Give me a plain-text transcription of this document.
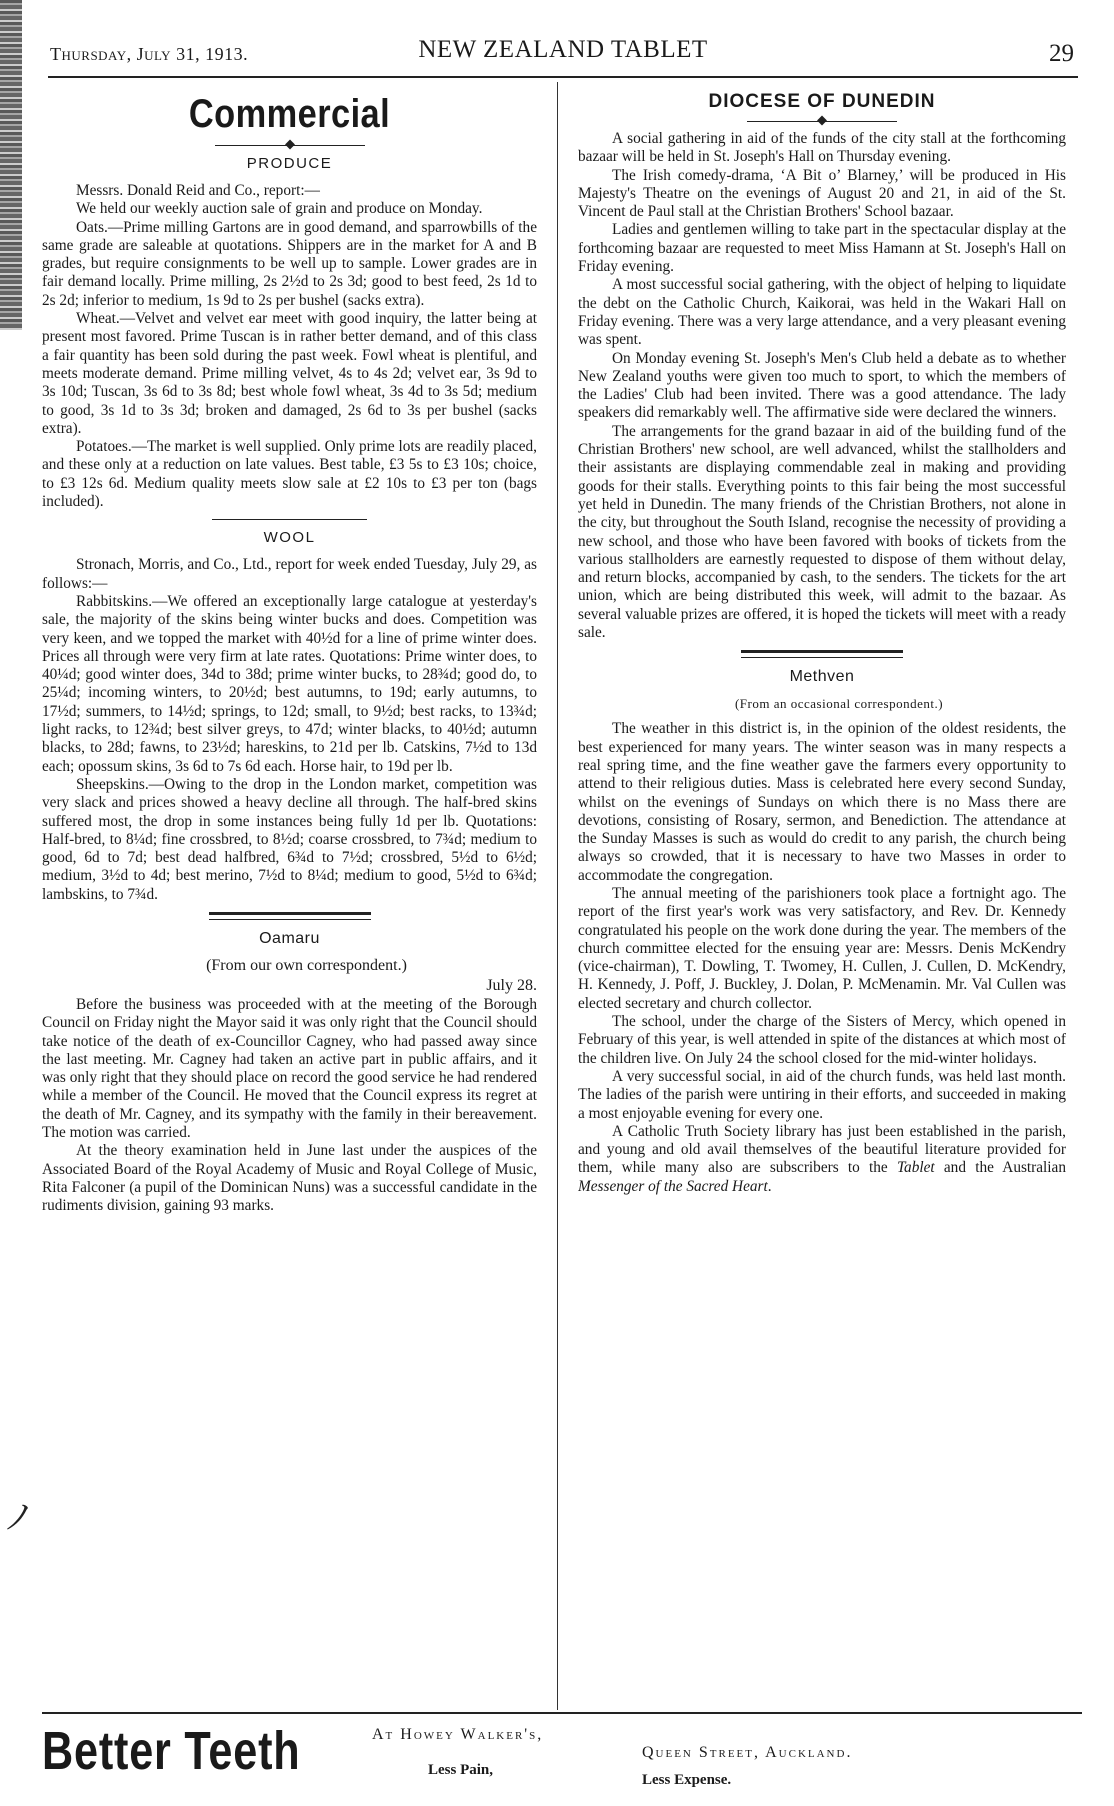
ノ
Thursday, July 31, 1913.	NEW ZEALAND TABLET	29
Commercial
PRODUCE

Messrs. Donald Reid and Co., report:—

We held our weekly auction sale of grain and produce on Monday.

Oats.—Prime milling Gartons are in good demand, and sparrowbills of the same grade are saleable at quotations. Shippers are in the market for A and B grades, but require consignments to be well up to sample. Lower grades are in fair demand locally. Prime milling, 2s 2½d to 2s 3d; good to best feed, 2s 1d to 2s 2d; inferior to medium, 1s 9d to 2s per bushel (sacks extra).

Wheat.—Velvet and velvet ear meet with good inquiry, the latter being at present most favored. Prime Tuscan is in rather better demand, and of this class a fair quantity has been sold during the past week. Fowl wheat is plentiful, and meets moderate demand. Prime milling velvet, 4s to 4s 2d; velvet ear, 3s 9d to 3s 10d; Tuscan, 3s 6d to 3s 8d; best whole fowl wheat, 3s 4d to 3s 5d; medium to good, 3s 1d to 3s 3d; broken and damaged, 2s 6d to 3s per bushel (sacks extra).

Potatoes.—The market is well supplied. Only prime lots are readily placed, and these only at a reduction on late values. Best table, £3 5s to £3 10s; choice, to £3 12s 6d. Medium quality meets slow sale at £2 10s to £3 per ton (bags included).

WOOL

Stronach, Morris, and Co., Ltd., report for week ended Tuesday, July 29, as follows:—

Rabbitskins.—We offered an exceptionally large catalogue at yesterday's sale, the majority of the skins being winter bucks and does. Competition was very keen, and we topped the market with 40½d for a line of prime winter does. Prices all through were very firm at late rates. Quotations: Prime winter does, to 40¼d; good winter does, 34d to 38d; prime winter bucks, to 28¾d; good do, to 25¼d; incoming winters, to 20½d; best autumns, to 19d; early autumns, to 17½d; summers, to 14½d; springs, to 12d; small, to 9½d; best racks, to 13¾d; light racks, to 12¾d; best silver greys, to 47d; winter blacks, to 40½d; autumn blacks, to 28d; fawns, to 23½d; hareskins, to 21d per lb. Catskins, 7½d to 13d each; opossum skins, 3s 6d to 7s 6d each. Horse hair, to 19d per lb.

Sheepskins.—Owing to the drop in the London market, competition was very slack and prices showed a heavy decline all through. The half-bred skins suffered most, the drop in some instances being fully 1d per lb. Quotations: Half-bred, to 8¼d; fine crossbred, to 8½d; coarse crossbred, to 7¾d; medium to good, 6d to 7d; best dead halfbred, 6¾d to 7½d; crossbred, 5½d to 6½d; medium, 3½d to 4d; best merino, 7½d to 8¼d; medium to good, 5½d to 6¾d; lambskins, to 7¾d.

Oamaru

(From our own correspondent.)

July 28.

Before the business was proceeded with at the meeting of the Borough Council on Friday night the Mayor said it was only right that the Council should take notice of the death of ex-Councillor Cagney, who had passed away since the last meeting. Mr. Cagney had taken an active part in public affairs, and it was only right that they should place on record the good service he had rendered while a member of the Council. He moved that the Council express its regret at the death of Mr. Cagney, and its sympathy with the family in their bereavement. The motion was carried.

At the theory examination held in June last under the auspices of the Associated Board of the Royal Academy of Music and Royal College of Music, Rita Falconer (a pupil of the Dominican Nuns) was a successful candidate in the rudiments division, gaining 93 marks.

DIOCESE OF DUNEDIN

A social gathering in aid of the funds of the city stall at the forthcoming bazaar will be held in St. Joseph's Hall on Thursday evening.

The Irish comedy-drama, ‘A Bit o’ Blarney,’ will be produced in His Majesty's Theatre on the evenings of August 20 and 21, in aid of the St. Vincent de Paul stall at the Christian Brothers' School bazaar.

Ladies and gentlemen willing to take part in the spectacular display at the forthcoming bazaar are requested to meet Miss Hamann at St. Joseph's Hall on Friday evening.

A most successful social gathering, with the object of helping to liquidate the debt on the Catholic Church, Kaikorai, was held in the Wakari Hall on Friday evening. There was a very large attendance, and a very pleasant evening was spent.

On Monday evening St. Joseph's Men's Club held a debate as to whether New Zealand youths were given too much to sport, to which the members of the Ladies' Club had been invited. There was a good attendance. The lady speakers did remarkably well. The affirmative side were declared the winners.

The arrangements for the grand bazaar in aid of the building fund of the Christian Brothers' new school, are well advanced, whilst the stallholders and their assistants are displaying commendable zeal in making and providing goods for their stalls. Everything points to this fair being the most successful yet held in Dunedin. The many friends of the Christian Brothers, not alone in the city, but throughout the South Island, recognise the necessity of providing a new school, and those who have been favored with books of tickets from the various stallholders are earnestly requested to dispose of them without delay, and return blocks, accompanied by cash, to the senders. The tickets for the art union, which are being distributed this week, will admit to the bazaar. As several valuable prizes are offered, it is hoped the tickets will meet with a ready sale.

Methven

(From an occasional correspondent.)

The weather in this district is, in the opinion of the oldest residents, the best experienced for many years. The winter season was in many respects a real spring time, and the fine weather gave the farmers every opportunity to attend to their religious duties. Mass is celebrated here every second Sunday, whilst on the evenings of Sundays on which there is no Mass there are devotions, consisting of Rosary, sermon, and Benediction. The attendance at the Sunday Masses is such as would do credit to any parish, the church being always so crowded, that it is necessary to have two Masses in order to accommodate the congregation.

The annual meeting of the parishioners took place a fortnight ago. The report of the first year's work was very satisfactory, and Rev. Dr. Kennedy congratulated his people on the work done during the year. The members of the church committee elected for the ensuing year are: Messrs. Denis McKendry (vice-chairman), T. Dowling, T. Twomey, H. Cullen, J. Cullen, D. McKendry, H. Kennedy, J. Poff, J. Buckley, J. Dolan, P. McMenamin. Mr. Val Cullen was elected secretary and church collector.

The school, under the charge of the Sisters of Mercy, which opened in February of this year, is well attended in spite of the distances at which most of the children live. On July 24 the school closed for the mid-winter holidays.

A very successful social, in aid of the church funds, was held last month. The ladies of the parish were untiring in their efforts, and succeeded in making a most enjoyable evening for every one.

A Catholic Truth Society library has just been established in the parish, and young and old avail themselves of the beautiful literature provided for them, while many also are subscribers to the Tablet and the Australian Messenger of the Sacred Heart.

Better Teeth	At Howey Walker's,
Less Pain,
Queen Street, Auckland.
Less Expense.
